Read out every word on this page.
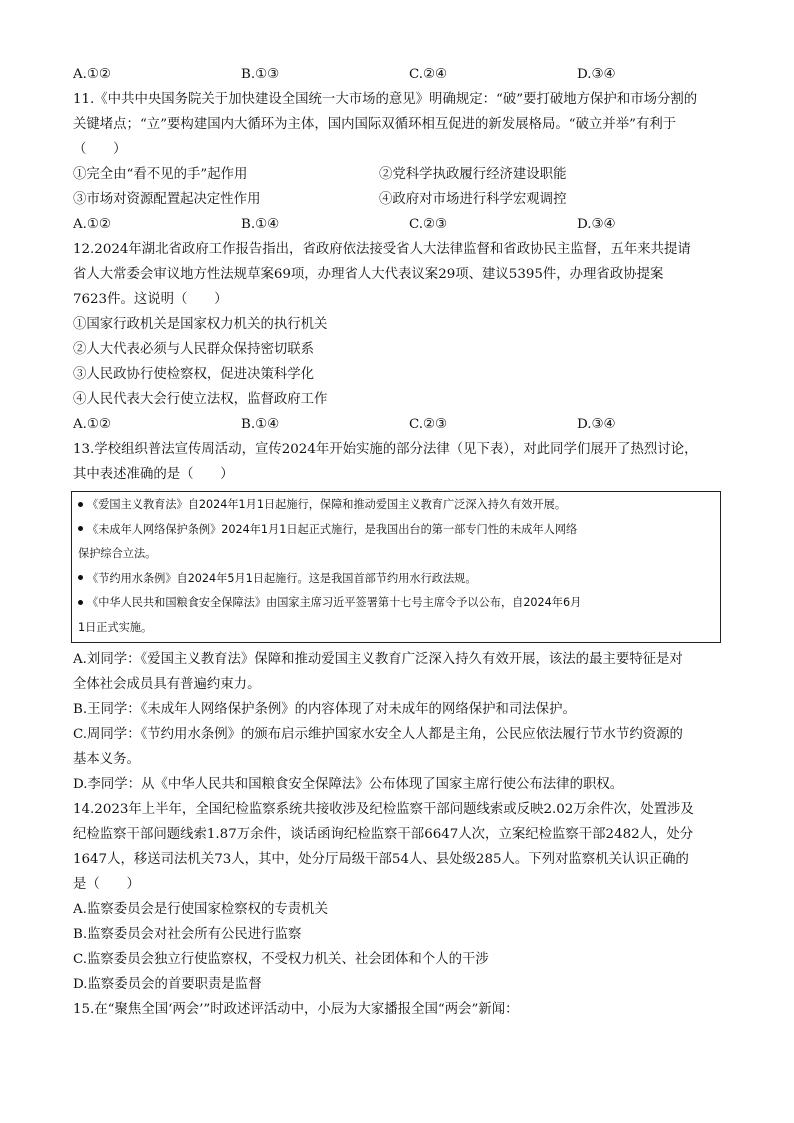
A.①②	B.①③	C.②④	D.③④
11.《中共中央国务院关于加快建设全国统一大市场的意见》明确规定：“破”要打破地方保护和市场分割的
关键堵点；“立”要构建国内大循环为主体，国内国际双循环相互促进的新发展格局。“破立并举”有利于
（　　）
①完全由“看不见的手”起作用	②党科学执政履行经济建设职能
③市场对资源配置起决定性作用	④政府对市场进行科学宏观调控
A.①②	B.①④	C.②③	D.③④
12.2024年湖北省政府工作报告指出，省政府依法接受省人大法律监督和省政协民主监督，五年来共提请
省人大常委会审议地方性法规草案69项，办理省人大代表议案29项、建议5395件，办理省政协提案
7623件。这说明（　　）
①国家行政机关是国家权力机关的执行机关
②人大代表必须与人民群众保持密切联系
③人民政协行使检察权，促进决策科学化
④人民代表大会行使立法权，监督政府工作
A.①②	B.①④	C.②③	D.③④
13.学校组织普法宣传周活动，宣传2024年开始实施的部分法律（见下表），对此同学们展开了热烈讨论，
其中表述准确的是（　　）
《爱国主义教育法》自2024年1月1日起施行，保障和推动爱国主义教育广泛深入持久有效开展。
《未成年人网络保护条例》2024年1月1日起正式施行，是我国出台的第一部专门性的未成年人网络
保护综合立法。
《节约用水条例》自2024年5月1日起施行。这是我国首部节约用水行政法规。
《中华人民共和国粮食安全保障法》由国家主席习近平签署第十七号主席令予以公布，自2024年6月
1日正式实施。
A.刘同学：《爱国主义教育法》保障和推动爱国主义教育广泛深入持久有效开展，该法的最主要特征是对
全体社会成员具有普遍约束力。
B.王同学：《未成年人网络保护条例》的内容体现了对未成年的网络保护和司法保护。
C.周同学：《节约用水条例》的颁布启示维护国家水安全人人都是主角，公民应依法履行节水节约资源的
基本义务。
D.李同学：从《中华人民共和国粮食安全保障法》公布体现了国家主席行使公布法律的职权。
14.2023年上半年，全国纪检监察系统共接收涉及纪检监察干部问题线索或反映2.02万余件次，处置涉及
纪检监察干部问题线索1.87万余件，谈话函询纪检监察干部6647人次，立案纪检监察干部2482人，处分
1647人，移送司法机关73人，其中，处分厅局级干部54人、县处级285人。下列对监察机关认识正确的
是（　　）
A.监察委员会是行使国家检察权的专责机关
B.监察委员会对社会所有公民进行监察
C.监察委员会独立行使监察权，不受权力机关、社会团体和个人的干涉
D.监察委员会的首要职责是监督
15.在“聚焦全国‘两会’”时政述评活动中，小辰为大家播报全国“两会”新闻：
